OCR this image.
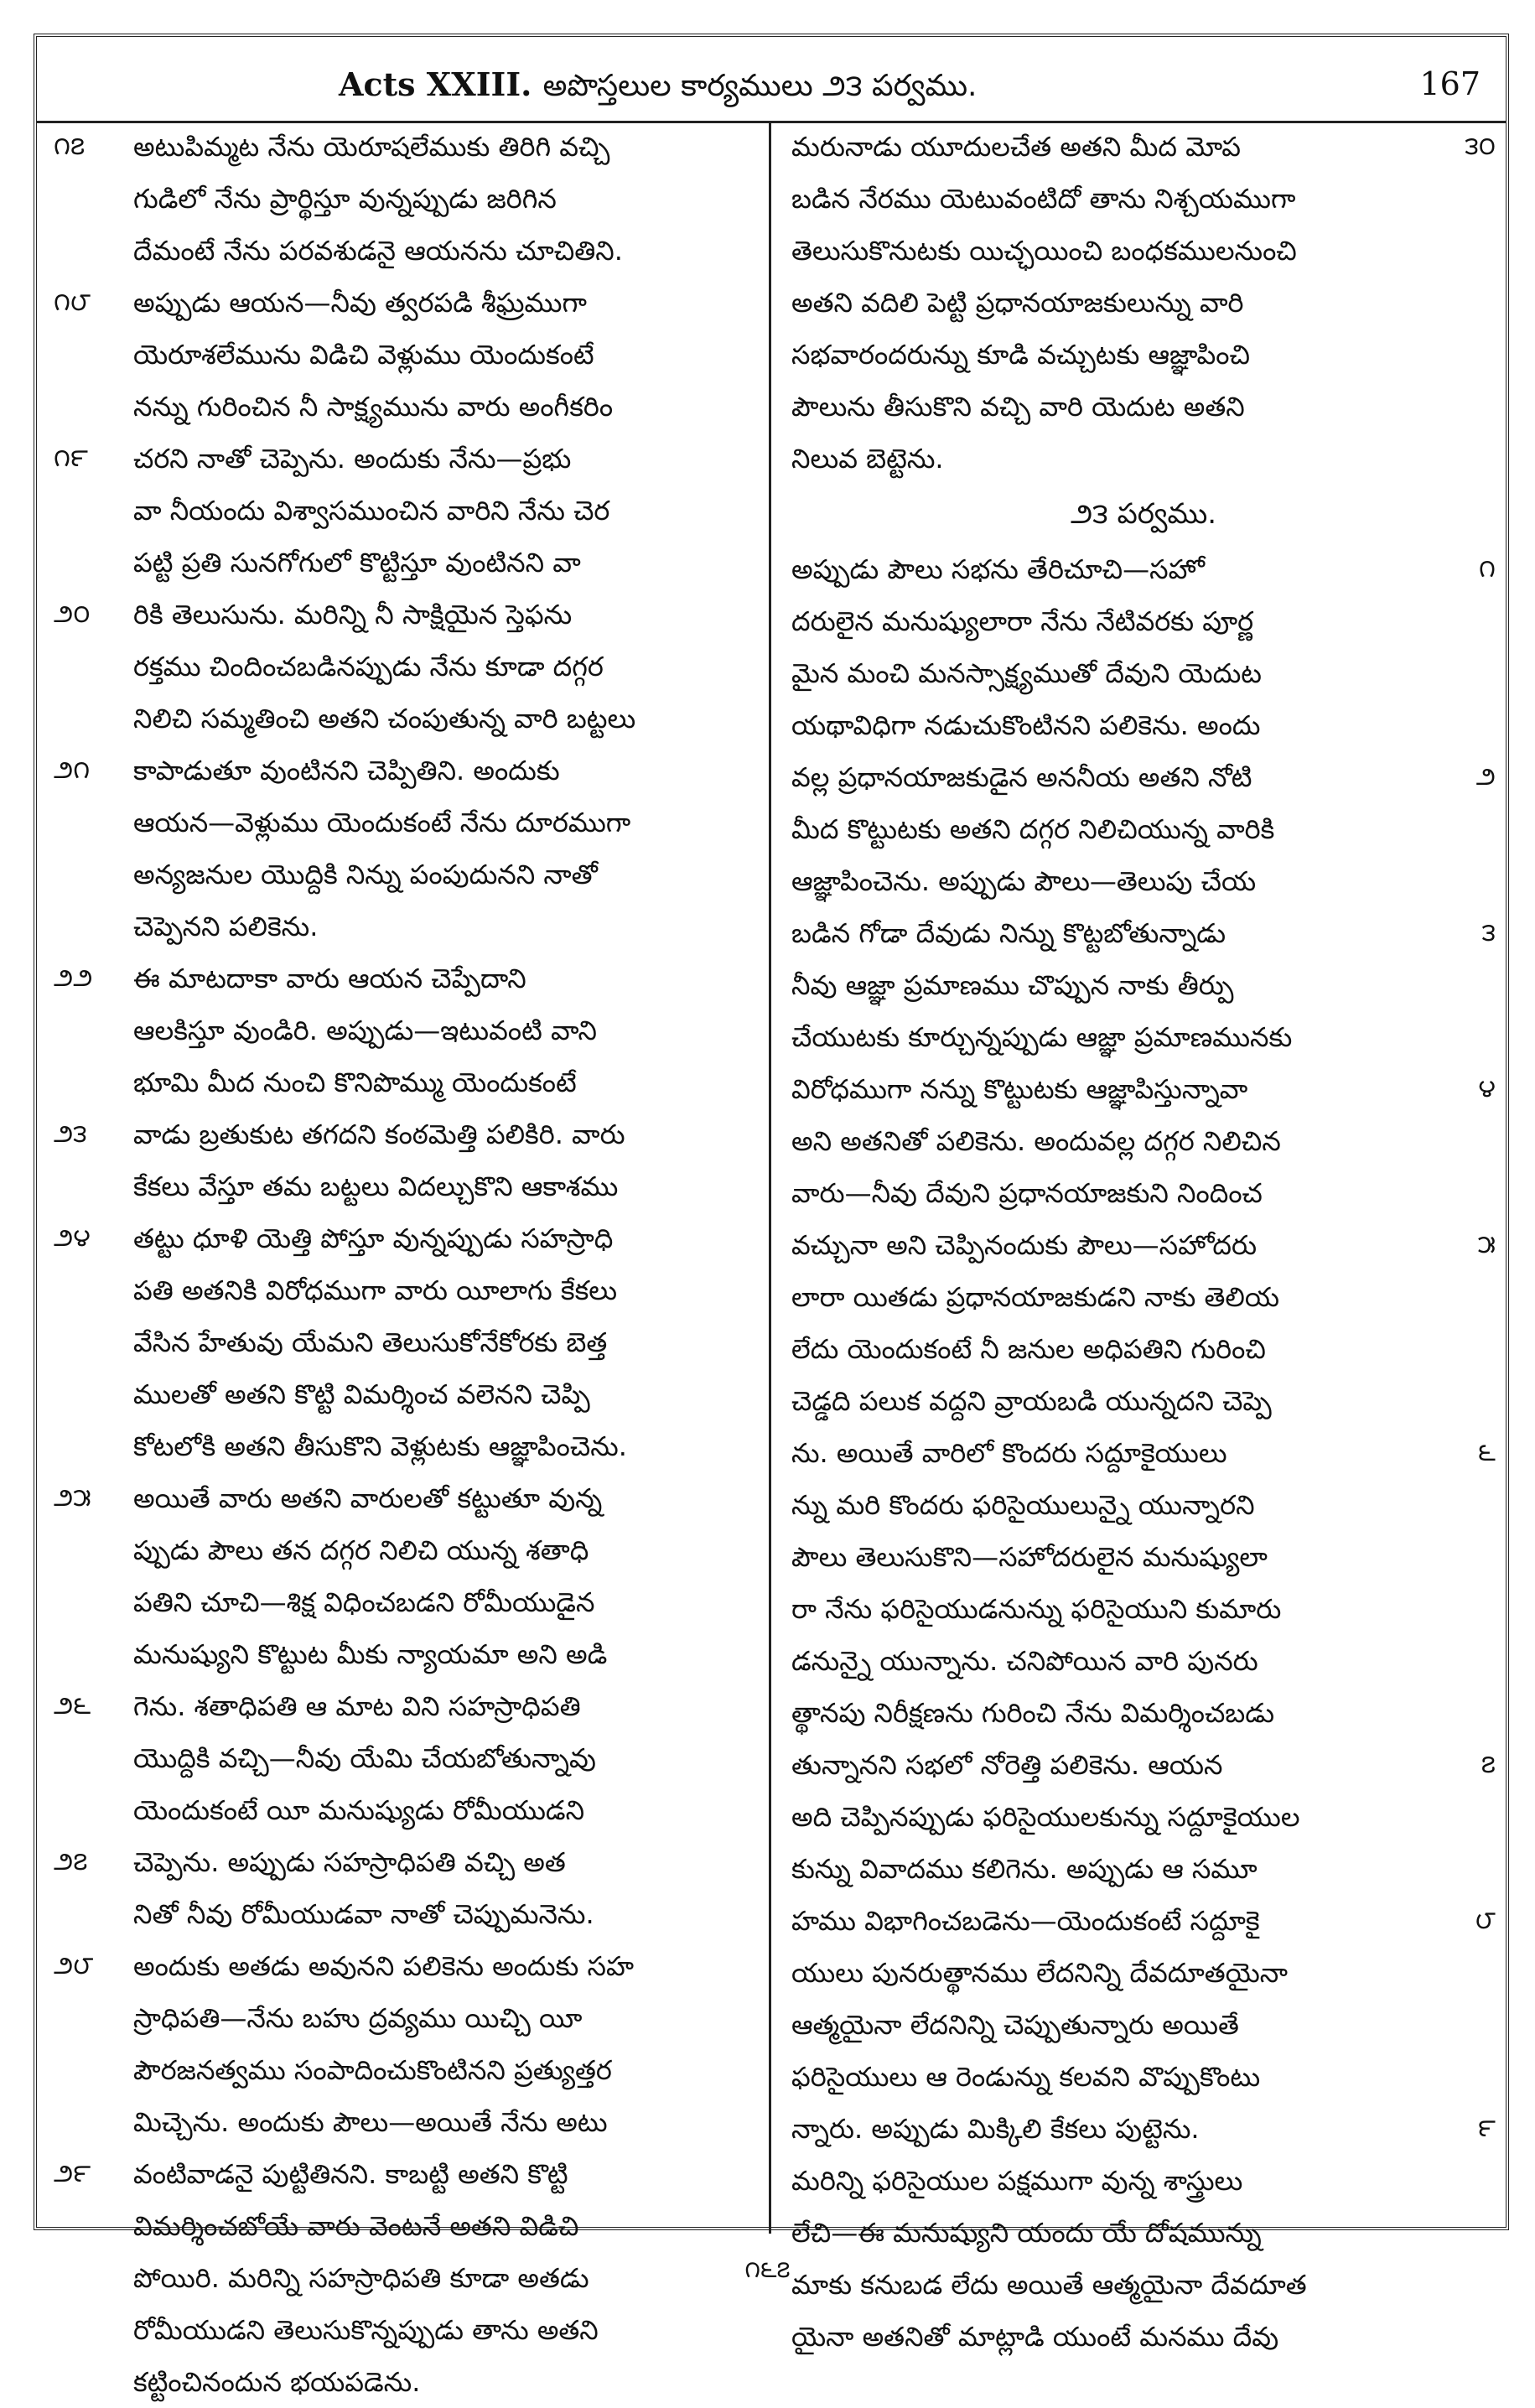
Acts XXIII. అపొస్తలుల కార్యములు ౨౩ పర్వము.	167
౧౭	అటుపిమ్మట నేను యెరూషలేముకు తిరిగి వచ్చి
గుడిలో నేను ప్రార్థిస్తూ వున్నప్పుడు జరిగిన
దేమంటే నేను పరవశుడనై ఆయనను చూచితిని.
౧౮	అప్పుడు ఆయన—నీవు త్వరపడి శీఘ్రముగా
యెరూశలేమును విడిచి వెళ్లుము యెందుకంటే
నన్ను గురించిన నీ సాక్ష్యమును వారు అంగీకరిం
౧౯	చరని నాతో చెప్పెను. అందుకు నేను—ప్రభు
వా నీయందు విశ్వాసముంచిన వారిని నేను చెర
పట్టి ప్రతి సునగోగులో కొట్టిస్తూ వుంటినని వా
౨౦	రికి తెలుసును. మరిన్ని నీ సాక్షియైన స్తెఫను
రక్తము చిందించబడినప్పుడు నేను కూడా దగ్గర
నిలిచి సమ్మతించి అతని చంపుతున్న వారి బట్టలు
౨౧	కాపాడుతూ వుంటినని చెప్పితిని. అందుకు
ఆయన—వెళ్లుము యెందుకంటే నేను దూరముగా
అన్యజనుల యొద్దికి నిన్ను పంపుదునని నాతో
చెప్పెనని పలికెను.
౨౨	ఈ మాటదాకా వారు ఆయన చెప్పేదాని
ఆలకిస్తూ వుండిరి. అప్పుడు—ఇటువంటి వాని
భూమి మీద నుంచి కొనిపొమ్ము యెందుకంటే
౨౩	వాడు బ్రతుకుట తగదని కంఠమెత్తి పలికిరి. వారు
కేకలు వేస్తూ తమ బట్టలు విదల్చుకొని ఆకాశము
౨౪	తట్టు ధూళి యెత్తి పోస్తూ వున్నప్పుడు సహస్రాధి
పతి అతనికి విరోధముగా వారు యీలాగు కేకలు
వేసిన హేతువు యేమని తెలుసుకోనేకోరకు బెత్త
ములతో అతని కొట్టి విమర్శించ వలెనని చెప్పి
కోటలోకి అతని తీసుకొని వెళ్లుటకు ఆజ్ఞాపించెను.
౨౫	అయితే వారు అతని వారులతో కట్టుతూ వున్న
ప్పుడు పౌలు తన దగ్గర నిలిచి యున్న శతాధి
పతిని చూచి—శిక్ష విధించబడని రోమీయుడైన
మనుష్యుని కొట్టుట మీకు న్యాయమా అని అడి
౨౬	గెను. శతాధిపతి ఆ మాట విని సహస్రాధిపతి
యొద్దికి వచ్చి—నీవు యేమి చేయబోతున్నావు
యెందుకంటే యీ మనుష్యుడు రోమీయుడని
౨౭	చెప్పెను. అప్పుడు సహస్రాధిపతి వచ్చి అత
నితో నీవు రోమీయుడవా నాతో చెప్పుమనెను.
౨౮	అందుకు అతడు అవునని పలికెను అందుకు సహ
స్రాధిపతి—నేను బహు ద్రవ్యము యిచ్చి యీ
పౌరజనత్వము సంపాదించుకొంటినని ప్రత్యుత్తర
మిచ్చెను. అందుకు పౌలు—అయితే నేను అటు
౨౯	వంటివాడనై పుట్టితినని. కాబట్టి అతని కొట్టి
విమర్శించబోయే వారు వెంటనే అతని విడిచి
పోయిరి. మరిన్ని సహస్రాధిపతి కూడా అతడు
రోమీయుడని తెలుసుకొన్నప్పుడు తాను అతని
కట్టించినందున భయపడెను.
౩౦
మరునాడు యూదులచేత అతని మీద మోప
బడిన నేరము యెటువంటిదో తాను నిశ్చయముగా
తెలుసుకొనుటకు యిచ్ఛయించి బంధకములనుంచి
అతని వదిలి పెట్టి ప్రధానయాజకులున్ను వారి
సభవారందరున్ను కూడి వచ్చుటకు ఆజ్ఞాపించి
పౌలును తీసుకొని వచ్చి వారి యెదుట అతని
నిలువ బెట్టెను.
౨౩ పర్వము.
౧
అప్పుడు పౌలు సభను తేరిచూచి—సహో
దరులైన మనుష్యులారా నేను నేటివరకు పూర్ణ
మైన మంచి మనస్సాక్ష్యముతో దేవుని యెదుట
యథావిధిగా నడుచుకొంటినని పలికెను. అందు
౨
వల్ల ప్రధానయాజకుడైన అననీయ అతని నోటి
మీద కొట్టుటకు అతని దగ్గర నిలిచియున్న వారికి
ఆజ్ఞాపించెను. అప్పుడు పౌలు—తెలుపు చేయ
౩
బడిన గోడా దేవుడు నిన్ను కొట్టబోతున్నాడు
నీవు ఆజ్ఞా ప్రమాణము చొప్పున నాకు తీర్పు
చేయుటకు కూర్చున్నప్పుడు ఆజ్ఞా ప్రమాణమునకు
౪
విరోధముగా నన్ను కొట్టుటకు ఆజ్ఞాపిస్తున్నావా
అని అతనితో పలికెను. అందువల్ల దగ్గర నిలిచిన
వారు—నీవు దేవుని ప్రధానయాజకుని నిందించ
౫
వచ్చునా అని చెప్పినందుకు పౌలు—సహోదరు
లారా యితడు ప్రధానయాజకుడని నాకు తెలియ
లేదు యెందుకంటే నీ జనుల అధిపతిని గురించి
చెడ్డది పలుక వద్దని వ్రాయబడి యున్నదని చెప్పె
౬
ను. అయితే వారిలో కొందరు సద్దూకైయులు
న్ను మరి కొందరు ఫరిసైయులున్నై యున్నారని
పౌలు తెలుసుకొని—సహోదరులైన మనుష్యులా
రా నేను ఫరిసైయుడనున్ను ఫరిసైయుని కుమారు
డనున్నై యున్నాను. చనిపోయిన వారి పునరు
త్థానపు నిరీక్షణను గురించి నేను విమర్శించబడు
౭
తున్నానని సభలో నోరెత్తి పలికెను. ఆయన
అది చెప్పినప్పుడు ఫరిసైయులకున్ను సద్దూకైయుల
కున్ను వివాదము కలిగెను. అప్పుడు ఆ సమూ
౮
హము విభాగించబడెను—యెందుకంటే సద్దూకై
యులు పునరుత్థానము లేదనిన్ని దేవదూతయైనా
ఆత్మయైనా లేదనిన్ని చెప్పుతున్నారు అయితే
ఫరిసైయులు ఆ రెండున్ను కలవని వొప్పుకొంటు
౯
న్నారు. అప్పుడు మిక్కిలి కేకలు పుట్టెను.
మరిన్ని ఫరిసైయుల పక్షముగా వున్న శాస్త్రులు
లేచి—ఈ మనుష్యుని యందు యే దోషమున్ను
మాకు కనుబడ లేదు అయితే ఆత్మయైనా దేవదూత
యైనా అతనితో మాట్లాడి యుంటే మనము దేవు
౧౬౭
